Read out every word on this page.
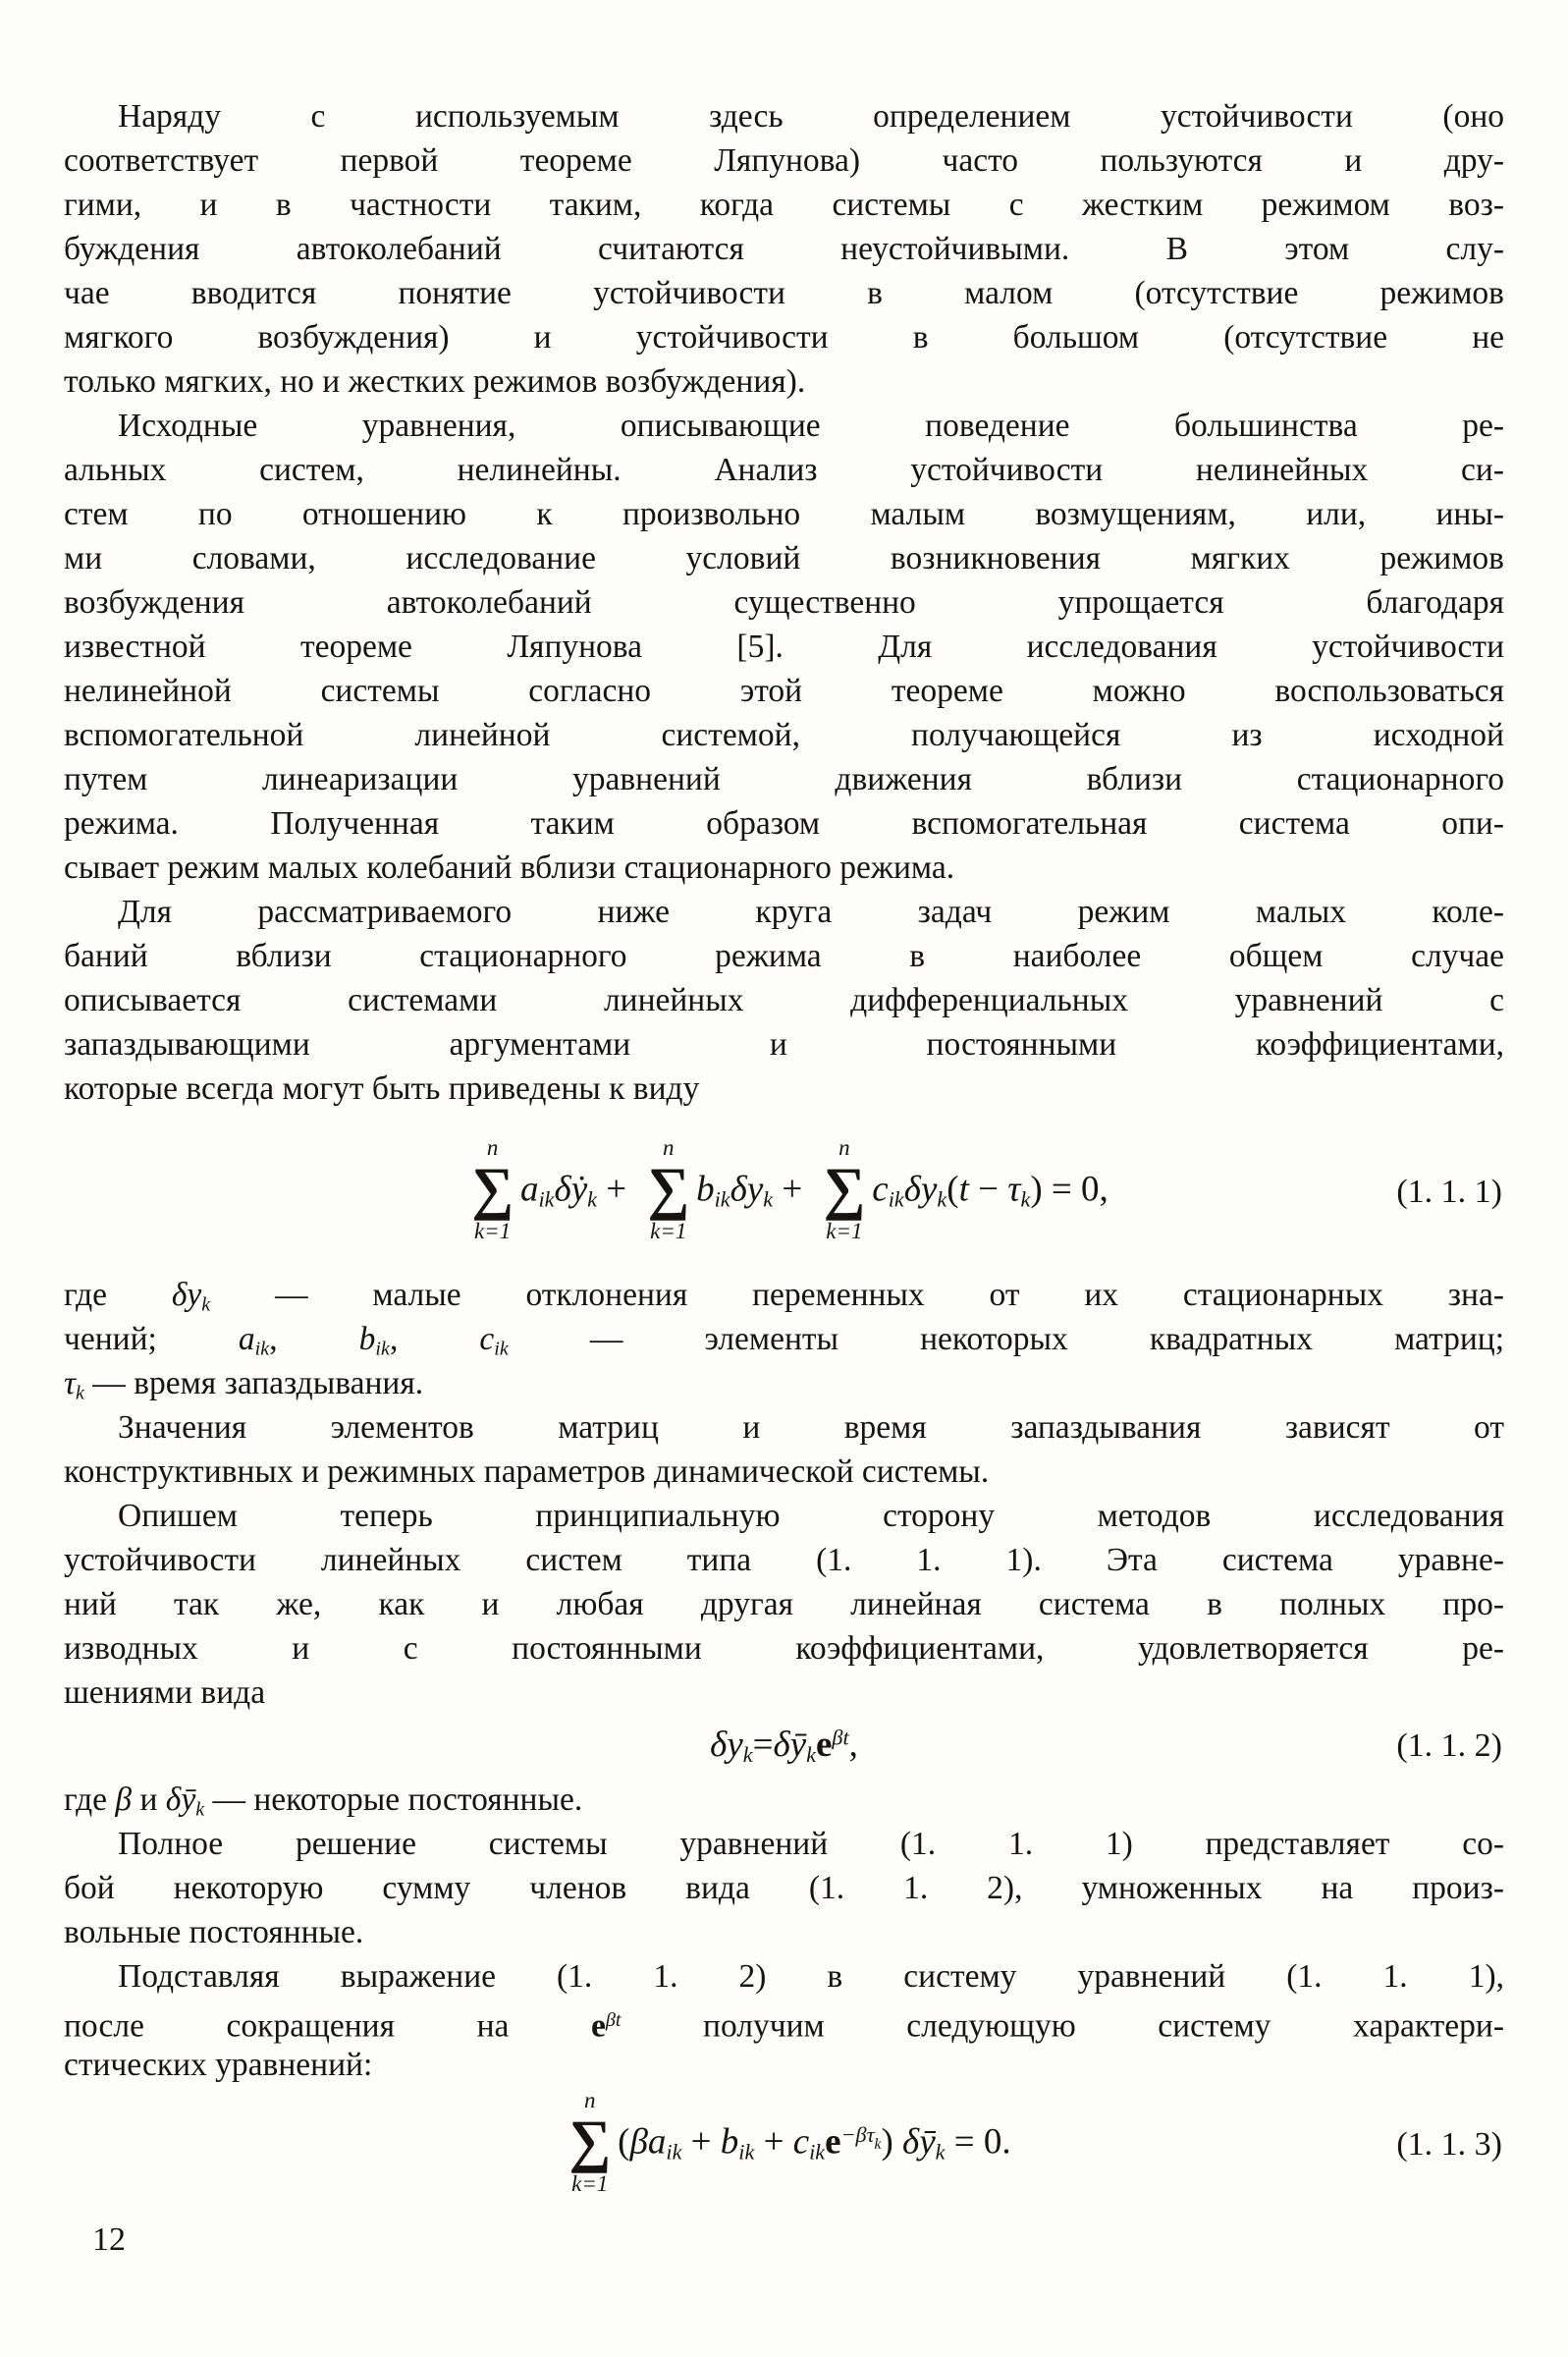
Наряду с используемым здесь определением устойчивости (оно
соответствует первой теореме Ляпунова) часто пользуются и дру-
гими, и в частности таким, когда системы с жестким режимом воз-
буждения автоколебаний считаются неустойчивыми. В этом слу-
чае вводится понятие устойчивости в малом (отсутствие режимов
мягкого возбуждения) и устойчивости в большом (отсутствие не
только мягких, но и жестких режимов возбуждения).
Исходные уравнения, описывающие поведение большинства ре-
альных систем, нелинейны. Анализ устойчивости нелинейных си-
стем по отношению к произвольно малым возмущениям, или, ины-
ми словами, исследование условий возникновения мягких режимов
возбуждения автоколебаний существенно упрощается благодаря
известной теореме Ляпунова [5]. Для исследования устойчивости
нелинейной системы согласно этой теореме можно воспользоваться
вспомогательной линейной системой, получающейся из исходной
путем линеаризации уравнений движения вблизи стационарного
режима. Полученная таким образом вспомогательная система опи-
сывает режим малых колебаний вблизи стационарного режима.
Для рассматриваемого ниже круга задач режим малых коле-
баний вблизи стационарного режима в наиболее общем случае
описывается системами линейных дифференциальных уравнений с
запаздывающими аргументами и постоянными коэффициентами,
которые всегда могут быть приведены к виду
n
∑
k=1
aikδẏk +
n
∑
k=1
bikδyk +
n
∑
k=1
cikδyk(t − τk) = 0,	(1. 1. 1)
где δyk — малые отклонения переменных от их стационарных зна-
чений; aik, bik, cik — элементы некоторых квадратных матриц;
τk — время запаздывания.
Значения элементов матриц и время запаздывания зависят от
конструктивных и режимных параметров динамической системы.
Опишем теперь принципиальную сторону методов исследования
устойчивости линейных систем типа (1. 1. 1). Эта система уравне-
ний так же, как и любая другая линейная система в полных про-
изводных и с постоянными коэффициентами, удовлетворяется ре-
шениями вида
δyk=δȳke$^{\beta t}$,	(1. 1. 2)
где β и δȳk — некоторые постоянные.
Полное решение системы уравнений (1. 1. 1) представляет со-
бой некоторую сумму членов вида (1. 1. 2), умноженных на произ-
вольные постоянные.
Подставляя выражение (1. 1. 2) в систему уравнений (1. 1. 1),
после сокращения на $e^{\beta t}$ получим следующую систему характери-
стических уравнений:
n
∑
k=1
(βaik + bik + cike$^{-\beta\tau}$k) δȳk = 0.	(1. 1. 3)
12
